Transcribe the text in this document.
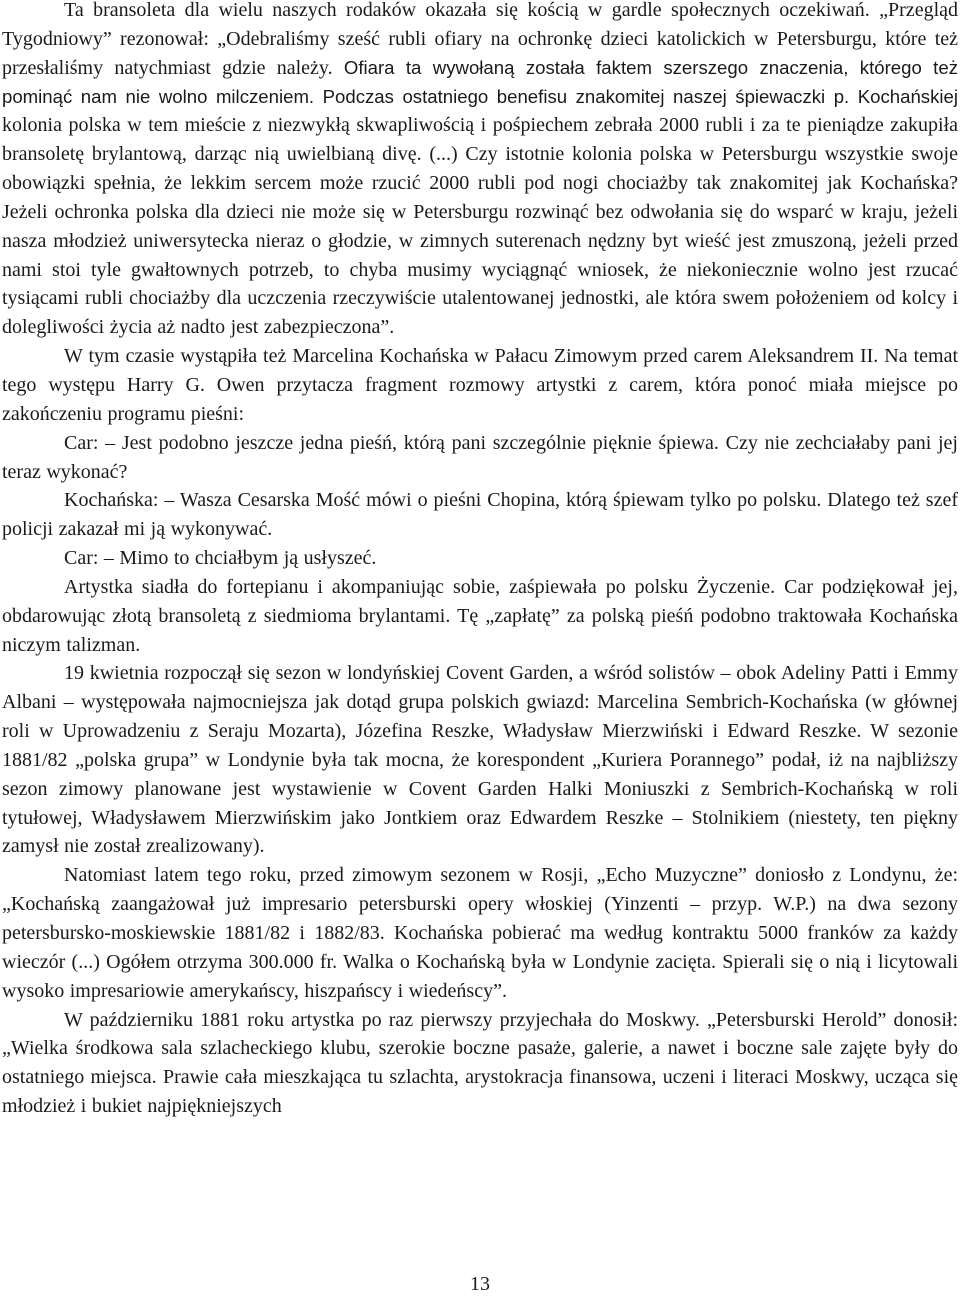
Ta bransoleta dla wielu naszych rodaków okazała się kością w gardle społecznych oczekiwań. „Przegląd Tygodniowy” rezonował: „Odebraliśmy sześć rubli ofiary na ochronkę dzieci katolickich w Petersburgu, które też przesłaliśmy natychmiast gdzie należy. Ofiara ta wywołaną została faktem szerszego znaczenia, którego też pominąć nam nie wolno milczeniem. Podczas ostatniego benefisu znakomitej naszej śpiewaczki p. Kochańskiej kolonia polska w tem mieście z niezwykłą skwapliwością i pośpiechem zebrała 2000 rubli i za te pieniądze zakupiła bransoletę brylantową, darząc nią uwielbianą divę. (...) Czy istotnie kolonia polska w Petersburgu wszystkie swoje obowiązki spełnia, że lekkim sercem może rzucić 2000 rubli pod nogi chociażby tak znakomitej jak Kochańska? Jeżeli ochronka polska dla dzieci nie może się w Petersburgu rozwinąć bez odwołania się do wsparć w kraju, jeżeli nasza młodzież uniwersytecka nieraz o głodzie, w zimnych suterenach nędzny byt wieść jest zmuszoną, jeżeli przed nami stoi tyle gwałtownych potrzeb, to chyba musimy wyciągnąć wniosek, że niekoniecznie wolno jest rzucać tysiącami rubli chociażby dla uczczenia rzeczywiście utalentowanej jednostki, ale która swem położeniem od kolcy i dolegliwości życia aż nadto jest zabezpieczona”.

W tym czasie wystąpiła też Marcelina Kochańska w Pałacu Zimowym przed carem Aleksandrem II. Na temat tego występu Harry G. Owen przytacza fragment rozmowy artystki z carem, która ponoć miała miejsce po zakończeniu programu pieśni:

Car: – Jest podobno jeszcze jedna pieśń, którą pani szczególnie pięknie śpiewa. Czy nie zechciałaby pani jej teraz wykonać?

Kochańska: – Wasza Cesarska Mość mówi o pieśni Chopina, którą śpiewam tylko po polsku. Dlatego też szef policji zakazał mi ją wykonywać.

Car: – Mimo to chciałbym ją usłyszeć.

Artystka siadła do fortepianu i akompaniując sobie, zaśpiewała po polsku Życzenie. Car podziękował jej, obdarowując złotą bransoletą z siedmioma brylantami. Tę „zapłatę” za polską pieśń podobno traktowała Kochańska niczym talizman.

19 kwietnia rozpoczął się sezon w londyńskiej Covent Garden, a wśród solistów – obok Adeliny Patti i Emmy Albani – występowała najmocniejsza jak dotąd grupa polskich gwiazd: Marcelina Sembrich-Kochańska (w głównej roli w Uprowadzeniu z Seraju Mozarta), Józefina Reszke, Władysław Mierzwiński i Edward Reszke. W sezonie 1881/82 „polska grupa” w Londynie była tak mocna, że korespondent „Kuriera Porannego” podał, iż na najbliższy sezon zimowy planowane jest wystawienie w Covent Garden Halki Moniuszki z Sembrich-Kochańską w roli tytułowej, Władysławem Mierzwińskim jako Jontkiem oraz Edwardem Reszke – Stolnikiem (niestety, ten piękny zamysł nie został zrealizowany).

Natomiast latem tego roku, przed zimowym sezonem w Rosji, „Echo Muzyczne” doniosło z Londynu, że: „Kochańską zaangażował już impresario petersburski opery włoskiej (Yinzenti – przyp. W.P.) na dwa sezony petersbursko-moskiewskie 1881/82 i 1882/83. Kochańska pobierać ma według kontraktu 5000 franków za każdy wieczór (...) Ogółem otrzyma 300.000 fr. Walka o Kochańską była w Londynie zacięta. Spierali się o nią i licytowali wysoko impresariowie amerykańscy, hiszpańscy i wiedeńscy”.

W październiku 1881 roku artystka po raz pierwszy przyjechała do Moskwy. „Petersburski Herold” donosił: „Wielka środkowa sala szlacheckiego klubu, szerokie boczne pasaże, galerie, a nawet i boczne sale zajęte były do ostatniego miejsca. Prawie cała mieszkająca tu szlachta, arystokracja finansowa, uczeni i literaci Moskwy, ucząca się młodzież i bukiet najpiękniejszych

13
